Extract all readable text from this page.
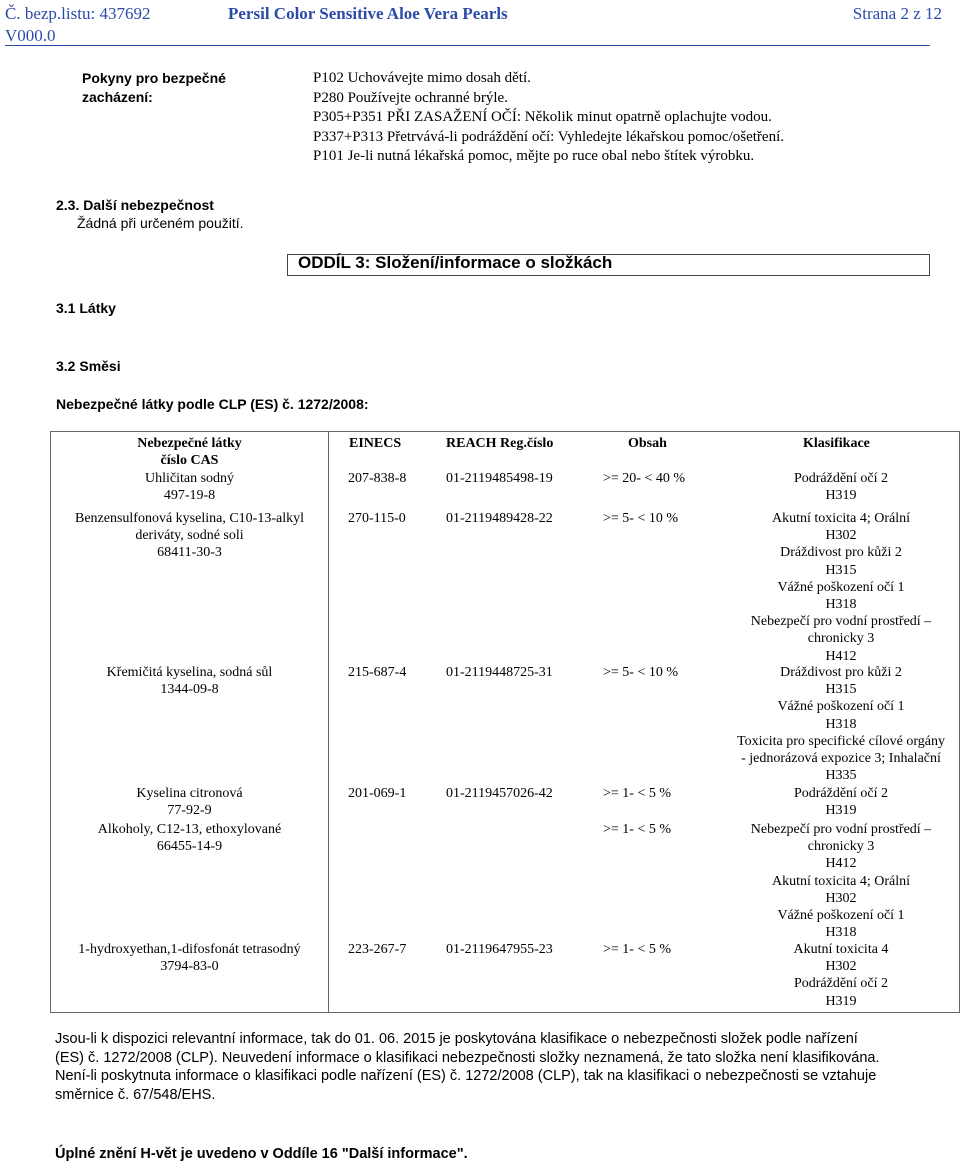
Č. bezp.listu: 437692
V000.0
Persil Color Sensitive Aloe Vera Pearls	Strana 2 z 12
Pokyny pro bezpečné
zacházení:
P102 Uchovávejte mimo dosah dětí.
P280 Používejte ochranné brýle.
P305+P351 PŘI ZASAŽENÍ OČÍ: Několik minut opatrně oplachujte vodou.
P337+P313 Přetrvává-li podráždění očí: Vyhledejte lékařskou pomoc/ošetření.
P101 Je-li nutná lékařská pomoc, mějte po ruce obal nebo štítek výrobku.
2.3. Další nebezpečnost
Žádná při určeném použití.
ODDÍL 3: Složení/informace o složkách
3.1 Látky
3.2 Směsi
Nebezpečné látky podle CLP (ES) č. 1272/2008:
Nebezpečné látky
číslo CAS
EINECS	REACH Reg.číslo	Obsah	Klasifikace
Uhličitan sodný
497-19-8
207-838-8	01-2119485498-19	>= 20- < 40 %	Podráždění očí 2
H319
Benzensulfonová kyselina, C10-13-alkyl
deriváty, sodné soli
68411-30-3
270-115-0	01-2119489428-22	>= 5- < 10 %	Akutní toxicita 4; Orální
H302
Dráždivost pro kůži 2
H315
Vážné poškození očí 1
H318
Nebezpečí pro vodní prostředí –
chronicky 3
H412
Křemičitá kyselina, sodná sůl
1344-09-8
215-687-4	01-2119448725-31	>= 5- < 10 %	Dráždivost pro kůži 2
H315
Vážné poškození očí 1
H318
Toxicita pro specifické cílové orgány
- jednorázová expozice 3; Inhalační
H335
Kyselina citronová
77-92-9
201-069-1	01-2119457026-42	>= 1- < 5 %	Podráždění očí 2
H319
Alkoholy, C12-13, ethoxylované
66455-14-9
>= 1- < 5 %	Nebezpečí pro vodní prostředí –
chronicky 3
H412
Akutní toxicita 4; Orální
H302
Vážné poškození očí 1
H318
1-hydroxyethan,1-difosfonát tetrasodný
3794-83-0
223-267-7	01-2119647955-23	>= 1- < 5 %	Akutní toxicita 4
H302
Podráždění očí 2
H319
Jsou-li k dispozici relevantní informace, tak do 01. 06. 2015 je poskytována klasifikace o nebezpečnosti složek podle nařízení
(ES) č. 1272/2008 (CLP). Neuvedení informace o klasifikaci nebezpečnosti složky neznamená, že tato složka není klasifikována.
Není-li poskytnuta informace o klasifikaci podle nařízení (ES) č. 1272/2008 (CLP), tak na klasifikaci o nebezpečnosti se vztahuje
směrnice č. 67/548/EHS.
Úplné znění H-vět je uvedeno v Oddíle 16 "Další informace".
